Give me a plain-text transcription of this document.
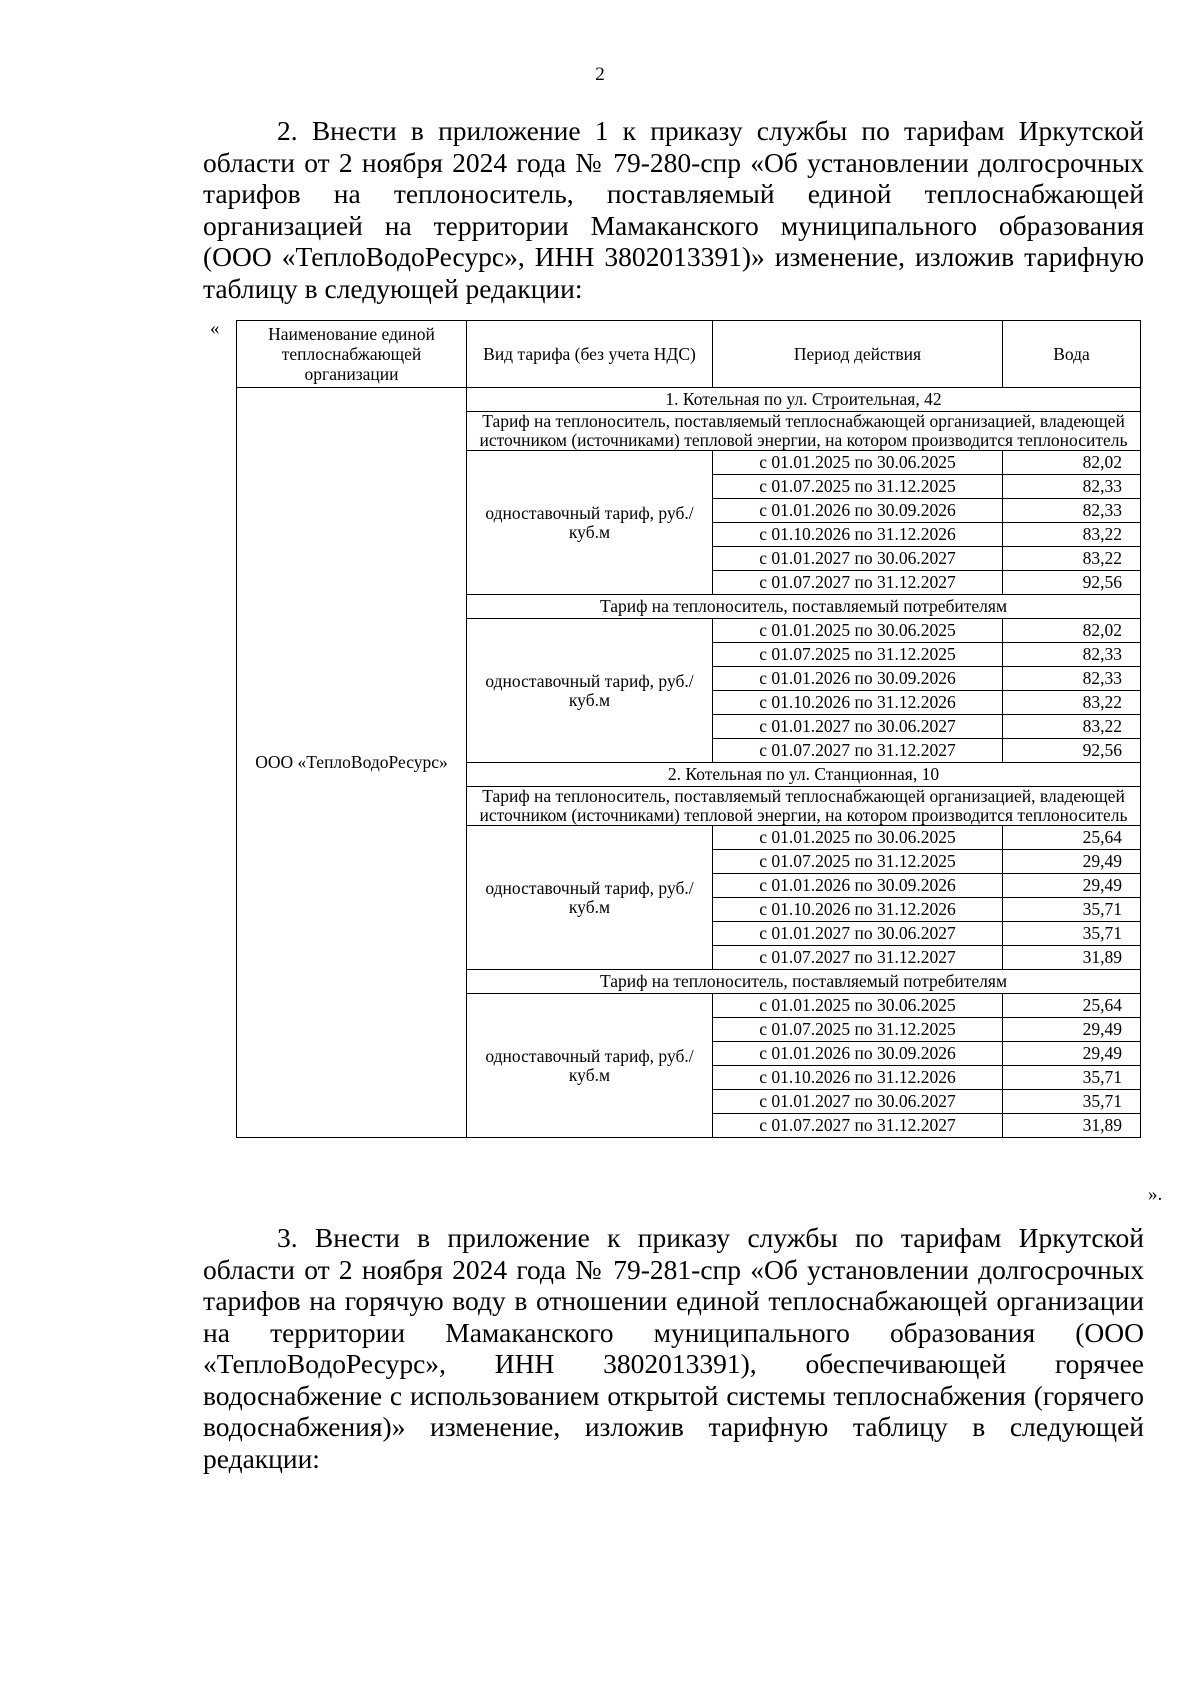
2
2. Внести в приложение 1 к приказу службы по тарифам Иркутской области от 2 ноября 2024 года № 79-280-спр «Об установлении долгосрочных тарифов на теплоноситель, поставляемый единой теплоснабжающей организацией на территории Мамаканского муниципального образования (ООО «ТеплоВодоРесурс», ИНН 3802013391)» изменение, изложив тарифную таблицу в следующей редакции:
«	Наименование единой теплоснабжающей организации	Вид тарифа (без учета НДС)	Период действия	Вода
ООО «ТеплоВодоРесурс»	1. Котельная по ул. Строительная, 42		
	Тариф на теплоноситель, поставляемый теплоснабжающей организацией, владеющей источником (источниками) тепловой энергии, на котором производится теплоноситель		
	одноставочный тариф, руб./куб.м	с 01.01.2025 по 30.06.2025	82,02
		с 01.07.2025 по 31.12.2025	82,33
		с 01.01.2026 по 30.09.2026	82,33
		с 01.10.2026 по 31.12.2026	83,22
		с 01.01.2027 по 30.06.2027	83,22
		с 01.07.2027 по 31.12.2027	92,56
	Тариф на теплоноситель, поставляемый потребителям		
	одноставочный тариф, руб./куб.м	с 01.01.2025 по 30.06.2025	82,02
		с 01.07.2025 по 31.12.2025	82,33
		с 01.01.2026 по 30.09.2026	82,33
		с 01.10.2026 по 31.12.2026	83,22
		с 01.01.2027 по 30.06.2027	83,22
		с 01.07.2027 по 31.12.2027	92,56
	2. Котельная по ул. Станционная, 10		
	Тариф на теплоноситель, поставляемый теплоснабжающей организацией, владеющей источником (источниками) тепловой энергии, на котором производится теплоноситель		
	одноставочный тариф, руб./куб.м	с 01.01.2025 по 30.06.2025	25,64
		с 01.07.2025 по 31.12.2025	29,49
		с 01.01.2026 по 30.09.2026	29,49
		с 01.10.2026 по 31.12.2026	35,71
		с 01.01.2027 по 30.06.2027	35,71
		с 01.07.2027 по 31.12.2027	31,89
	Тариф на теплоноситель, поставляемый потребителям		
	одноставочный тариф, руб./куб.м	с 01.01.2025 по 30.06.2025	25,64
		с 01.07.2025 по 31.12.2025	29,49
		с 01.01.2026 по 30.09.2026	29,49
		с 01.10.2026 по 31.12.2026	35,71
		с 01.01.2027 по 30.06.2027	35,71
		с 01.07.2027 по 31.12.2027	31,89
».
3. Внести в приложение к приказу службы по тарифам Иркутской области от 2 ноября 2024 года № 79-281-спр «Об установлении долгосрочных тарифов на горячую воду в отношении единой теплоснабжающей организации на территории Мамаканского муниципального образования (ООО «ТеплоВодоРесурс», ИНН 3802013391), обеспечивающей горячее водоснабжение с использованием открытой системы теплоснабжения (горячего водоснабжения)» изменение, изложив тарифную таблицу в следующей редакции:
